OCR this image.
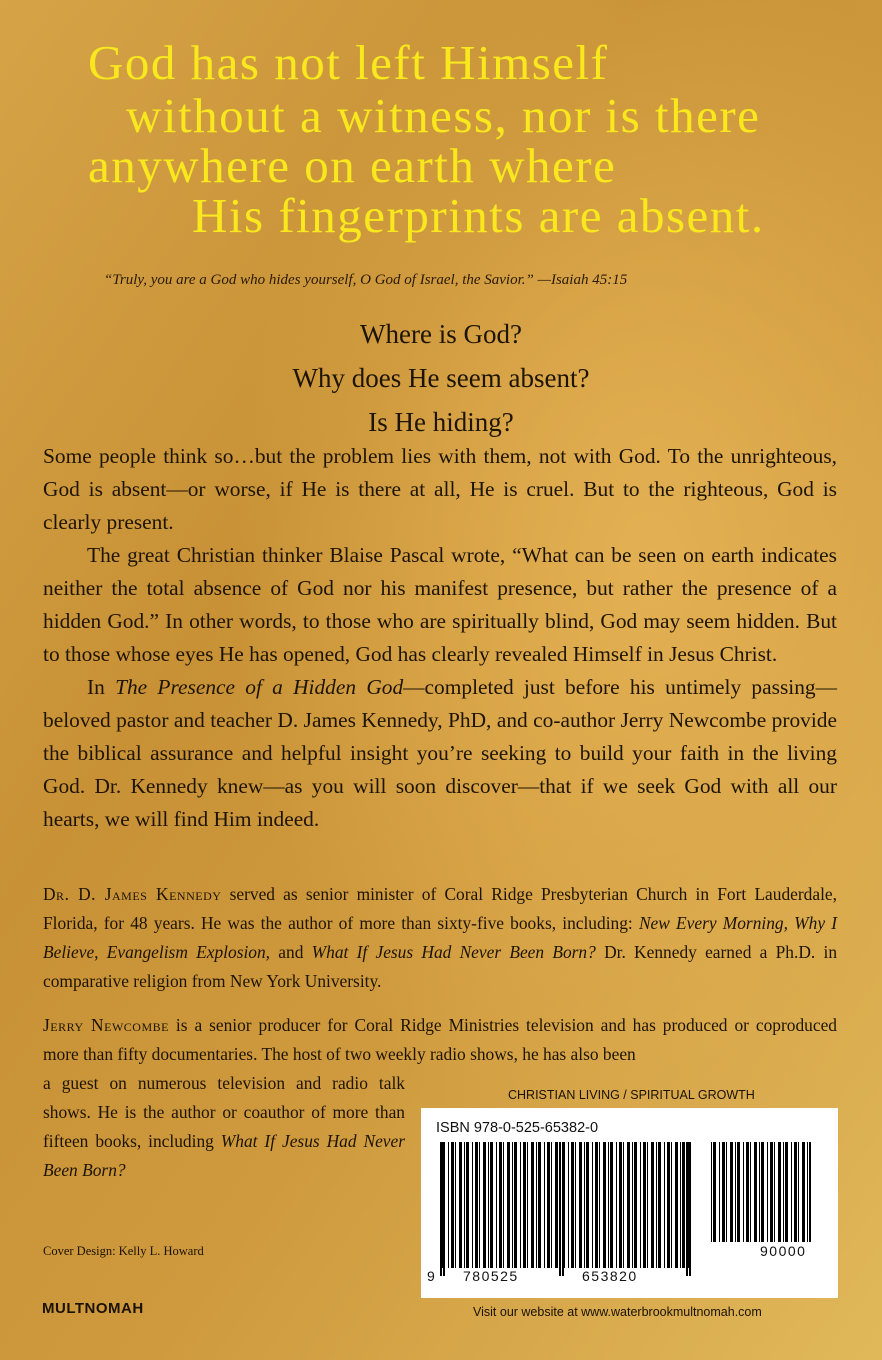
God has not left Himself
without a witness, nor is there
anywhere on earth where
His fingerprints are absent.
“Truly, you are a God who hides yourself, O God of Israel, the Savior.” —Isaiah 45:15
Where is God?
Why does He seem absent?
Is He hiding?

Some people think so…but the problem lies with them, not with God. To the unrighteous, God is absent—or worse, if He is there at all, He is cruel. But to the righteous, God is clearly present.

The great Christian thinker Blaise Pascal wrote, “What can be seen on earth indicates neither the total absence of God nor his manifest presence, but rather the presence of a hidden God.” In other words, to those who are spiritually blind, God may seem hidden. But to those whose eyes He has opened, God has clearly revealed Himself in Jesus Christ.

In The Presence of a Hidden God—completed just before his untimely passing—beloved pastor and teacher D. James Kennedy, PhD, and co-author Jerry Newcombe provide the biblical assurance and helpful insight you’re seeking to build your faith in the living God. Dr. Kennedy knew—as you will soon discover—that if we seek God with all our hearts, we will find Him indeed.

Dr. D. James Kennedy served as senior minister of Coral Ridge Presbyterian Church in Fort Lauderdale, Florida, for 48 years. He was the author of more than sixty-five books, including: New Every Morning, Why I Believe, Evangelism Explosion, and What If Jesus Had Never Been Born? Dr. Kennedy earned a Ph.D. in comparative religion from New York University.
Jerry Newcombe is a senior producer for Coral Ridge Ministries television and has produced or coproduced more than fifty documentaries. The host of two weekly radio shows, he has also been
a guest on numerous television and radio talk shows. He is the author or coauthor of more than fifteen books, including What If Jesus Had Never Been Born?
CHRISTIAN LIVING / SPIRITUAL GROWTH
ISBN 978-0-525-65382-0
9 780525	653820
90000
Cover Design: Kelly L. Howard
MULTNOMAH	Visit our website at www.waterbrookmultnomah.com
